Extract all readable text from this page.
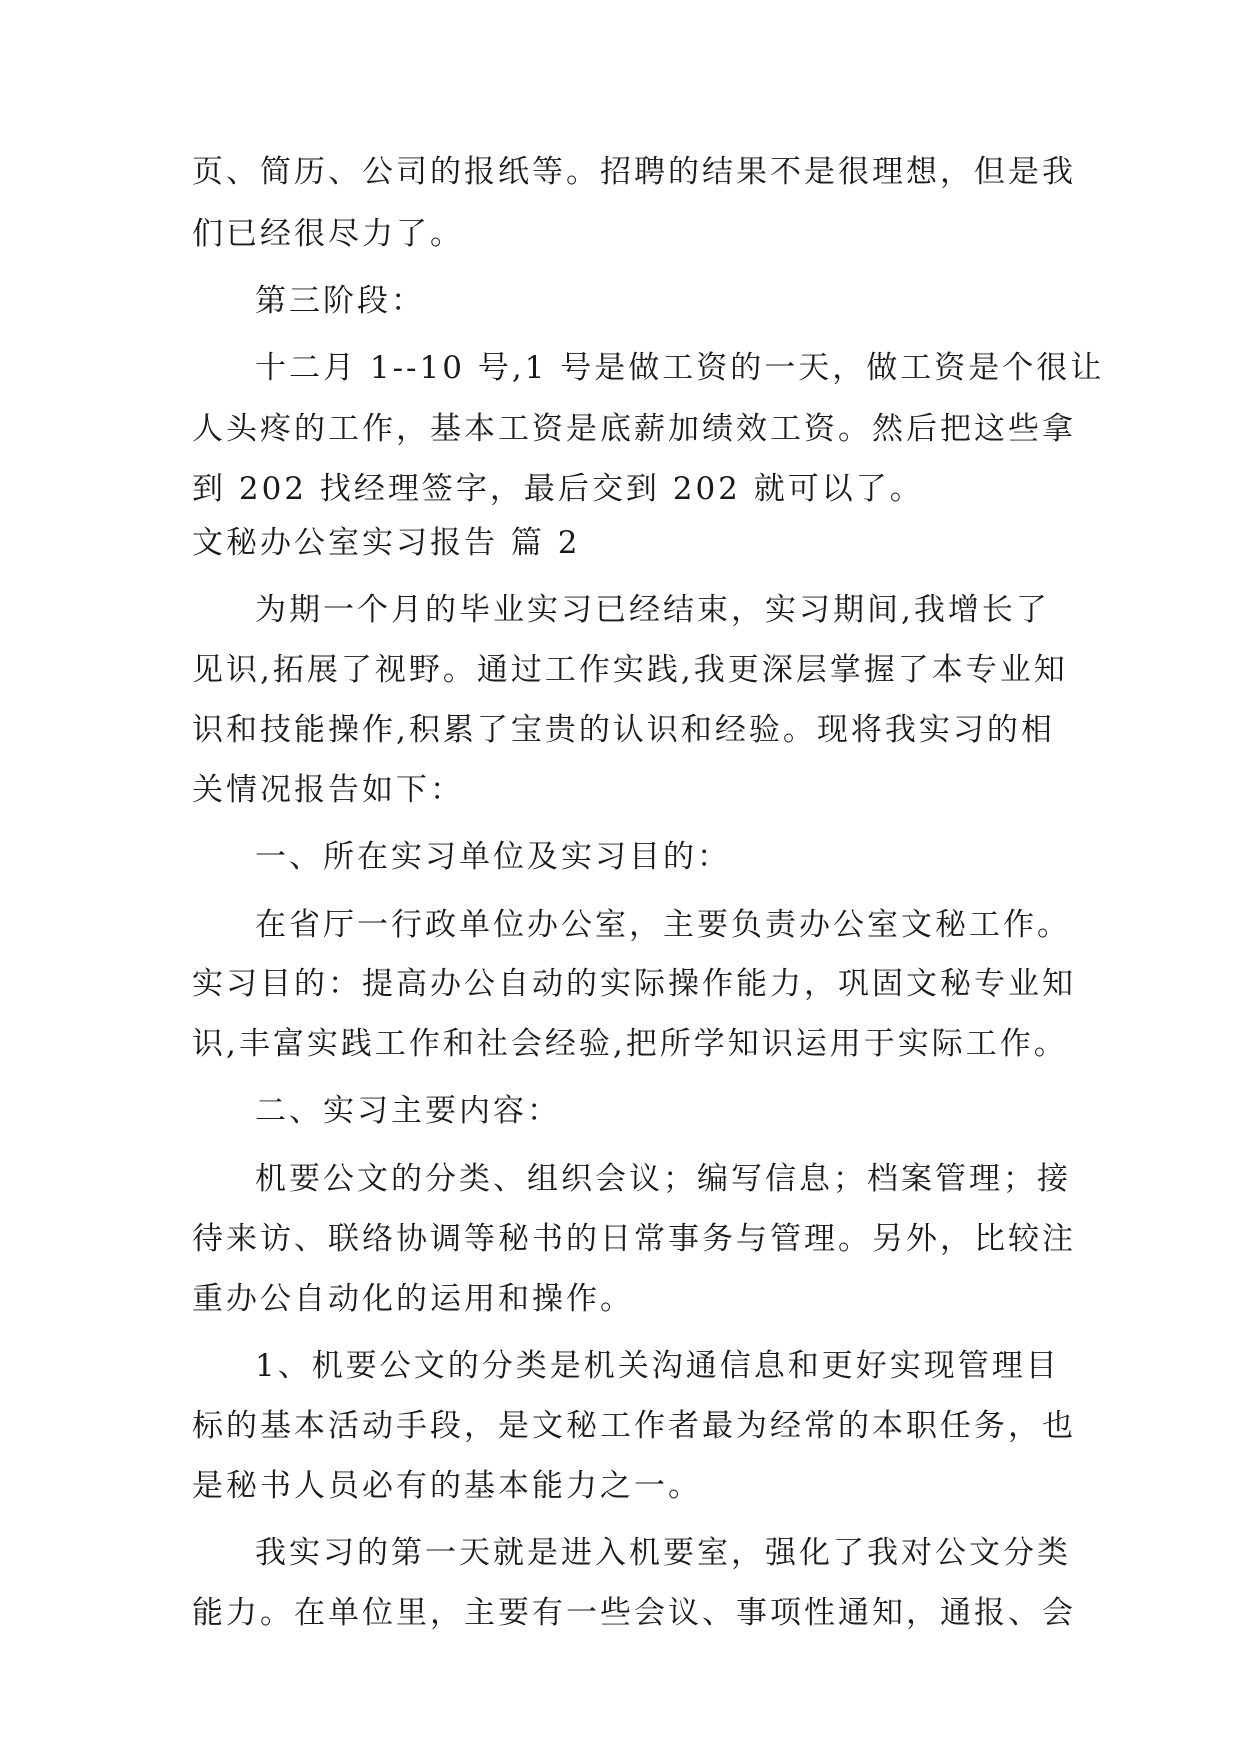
页、简历、公司的报纸等。招聘的结果不是很理想，但是我
们已经很尽力了。
第三阶段：
十二月 1--10 号,1 号是做工资的一天，做工资是个很让
人头疼的工作，基本工资是底薪加绩效工资。然后把这些拿
到 202 找经理签字，最后交到 202 就可以了。
文秘办公室实习报告 篇 2
为期一个月的毕业实习已经结束，实习期间,我增长了
见识,拓展了视野。通过工作实践,我更深层掌握了本专业知
识和技能操作,积累了宝贵的认识和经验。现将我实习的相
关情况报告如下：
一、所在实习单位及实习目的：
在省厅一行政单位办公室，主要负责办公室文秘工作。
实习目的：提高办公自动的实际操作能力，巩固文秘专业知
识,丰富实践工作和社会经验,把所学知识运用于实际工作。
二、实习主要内容：
机要公文的分类、组织会议；编写信息；档案管理；接
待来访、联络协调等秘书的日常事务与管理。另外，比较注
重办公自动化的运用和操作。
1、机要公文的分类是机关沟通信息和更好实现管理目
标的基本活动手段，是文秘工作者最为经常的本职任务，也
是秘书人员必有的基本能力之一。
我实习的第一天就是进入机要室，强化了我对公文分类
能力。在单位里，主要有一些会议、事项性通知，通报、会
